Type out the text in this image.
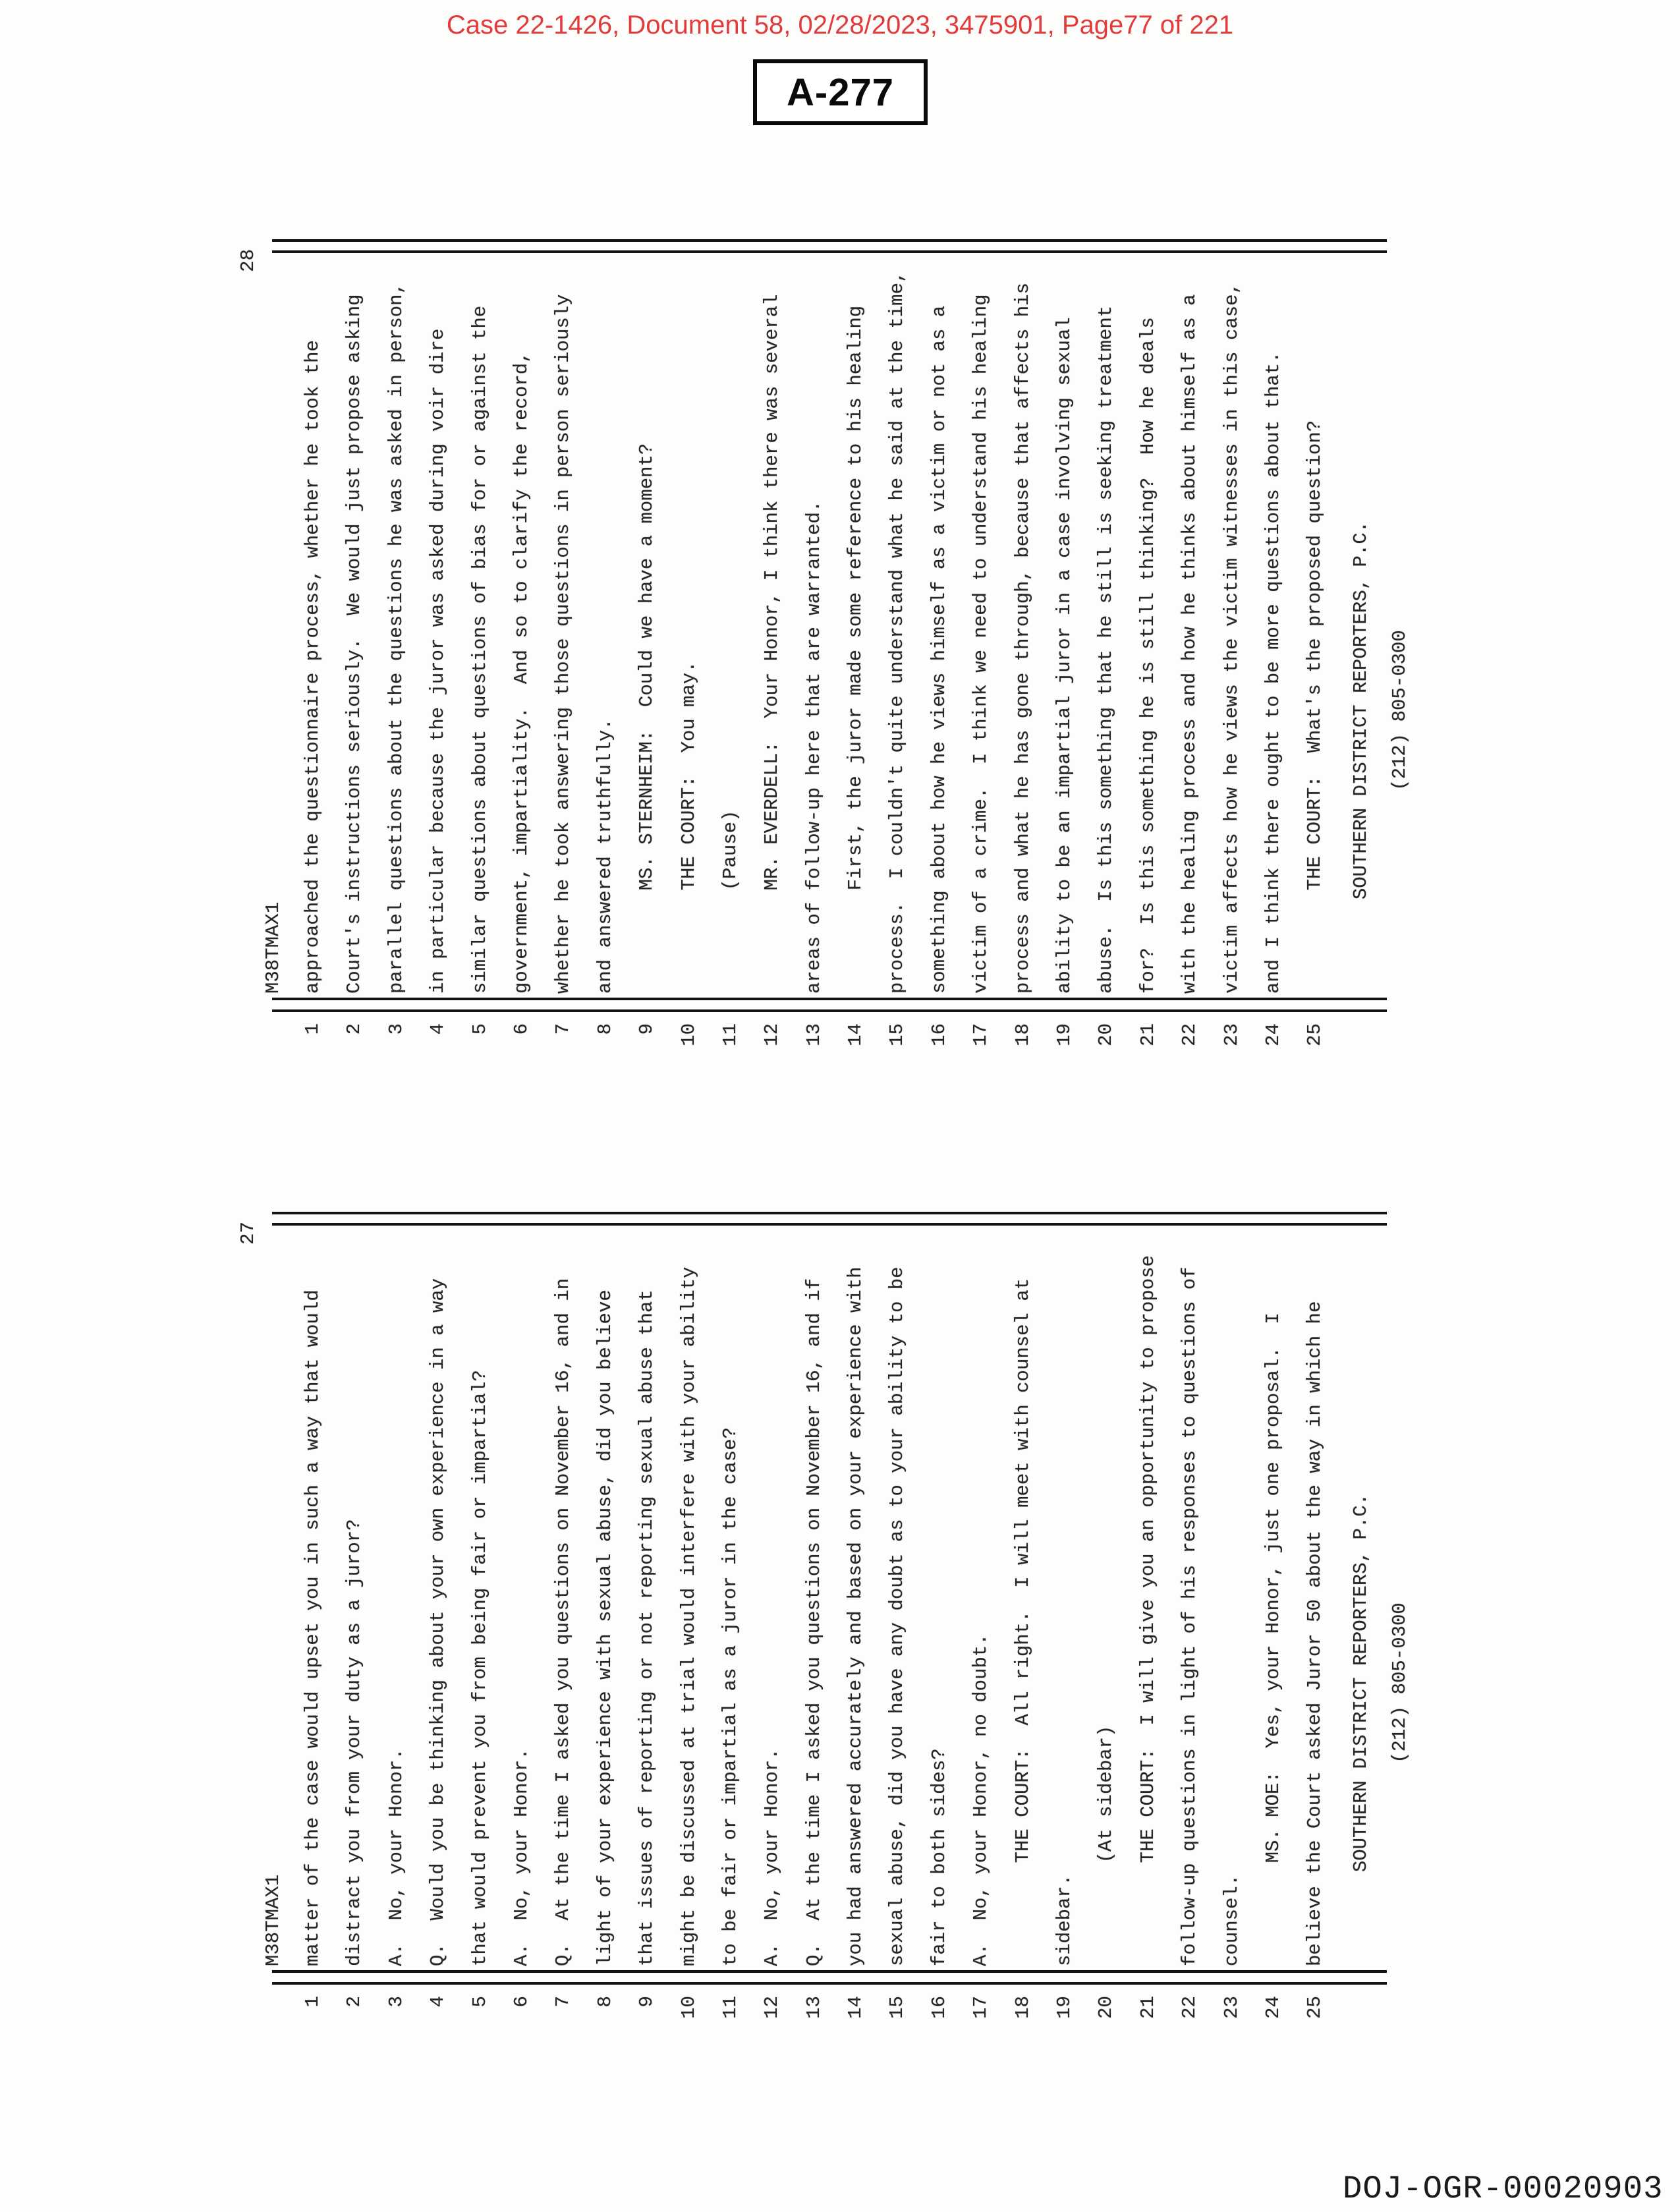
Case 22-1426, Document 58, 02/28/2023, 3475901, Page77 of 221
A-277
28
M38TMAX1
1
approached the questionnaire process, whether he took the
2
Court's instructions seriously.  We would just propose asking
3
parallel questions about the questions he was asked in person,
4
in particular because the juror was asked during voir dire
5
similar questions about questions of bias for or against the
6
government, impartiality.  And so to clarify the record,
7
whether he took answering those questions in person seriously
8
and answered truthfully.
9
MS. STERNHEIM:  Could we have a moment?
10
THE COURT:  You may.
11
(Pause)
12
MR. EVERDELL:  Your Honor, I think there was several
13
areas of follow-up here that are warranted.
14
First, the juror made some reference to his healing
15
process.  I couldn't quite understand what he said at the time,
16
something about how he views himself as a victim or not as a
17
victim of a crime.  I think we need to understand his healing
18
process and what he has gone through, because that affects his
19
ability to be an impartial juror in a case involving sexual
20
abuse.  Is this something that he still is seeking treatment
21
for?  Is this something he is still thinking?  How he deals
22
with the healing process and how he thinks about himself as a
23
victim affects how he views the victim witnesses in this case,
24
and I think there ought to be more questions about that.
25
THE COURT:  What's the proposed question?	SOUTHERN DISTRICT REPORTERS, P.C. (212) 805-0300
27
M38TMAX1
1
matter of the case would upset you in such a way that would
2
distract you from your duty as a juror?
3
A.  No, your Honor.
4
Q.  Would you be thinking about your own experience in a way
5
that would prevent you from being fair or impartial?
6
A.  No, your Honor.
7
Q.  At the time I asked you questions on November 16, and in
8
light of your experience with sexual abuse, did you believe
9
that issues of reporting or not reporting sexual abuse that
10
might be discussed at trial would interfere with your ability
11
to be fair or impartial as a juror in the case?
12
A.  No, your Honor.
13
Q.  At the time I asked you questions on November 16, and if
14
you had answered accurately and based on your experience with
15
sexual abuse, did you have any doubt as to your ability to be
16
fair to both sides?
17
A.  No, your Honor, no doubt.
18
THE COURT:  All right.  I will meet with counsel at
19
sidebar.
20
(At sidebar)
21
THE COURT:  I will give you an opportunity to propose
22
follow-up questions in light of his responses to questions of
23
counsel.
24
MS. MOE:  Yes, your Honor, just one proposal.  I
25
believe the Court asked Juror 50 about the way in which he	SOUTHERN DISTRICT REPORTERS, P.C. (212) 805-0300
DOJ-OGR-00020903
